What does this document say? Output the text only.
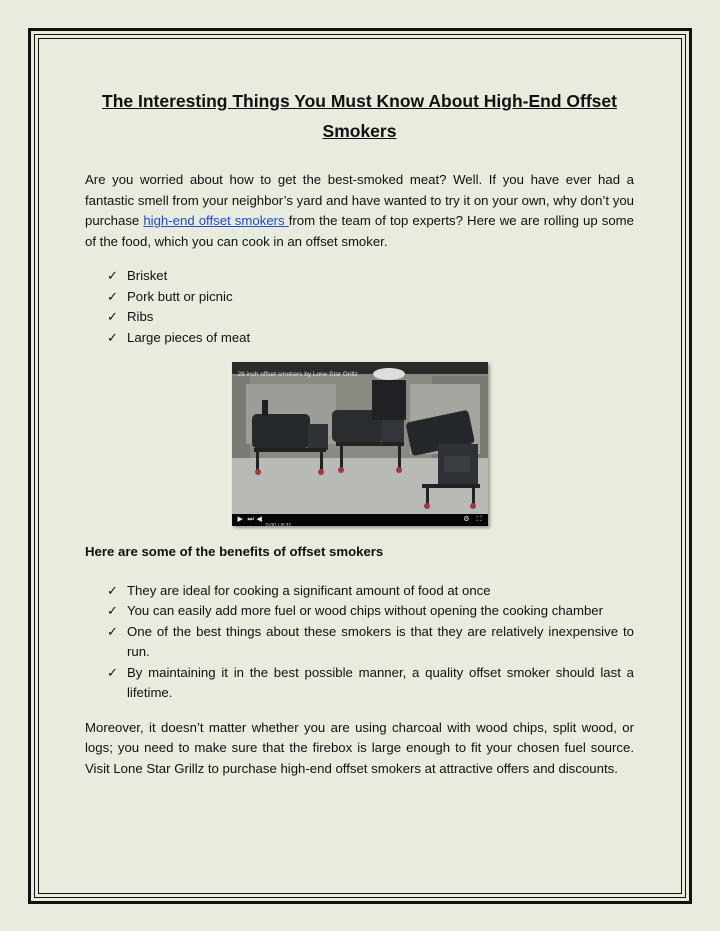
The Interesting Things You Must Know About High-End Offset Smokers

Are you worried about how to get the best-smoked meat? Well. If you have ever had a fantastic smell from your neighbor’s yard and have wanted to try it on your own, why don’t you purchase high-end offset smokers from the team of top experts? Here we are rolling up some of the food, which you can cook in an offset smoker.

✓ Brisket
✓ Pork butt or picnic
✓ Ribs
✓ Large pieces of meat
28 inch offset smokers by Lone Star Grillz
▶ ⏭ ◀
0:00 / 8:31
⚙ ⛶
Here are some of the benefits of offset smokers
✓ They are ideal for cooking a significant amount of food at once
✓ You can easily add more fuel or wood chips without opening the cooking chamber
✓ One of the best things about these smokers is that they are relatively inexpensive to run.
✓ By maintaining it in the best possible manner, a quality offset smoker should last a lifetime.

Moreover, it doesn’t matter whether you are using charcoal with wood chips, split wood, or logs; you need to make sure that the firebox is large enough to fit your chosen fuel source. Visit Lone Star Grillz to purchase high-end offset smokers at attractive offers and discounts.
